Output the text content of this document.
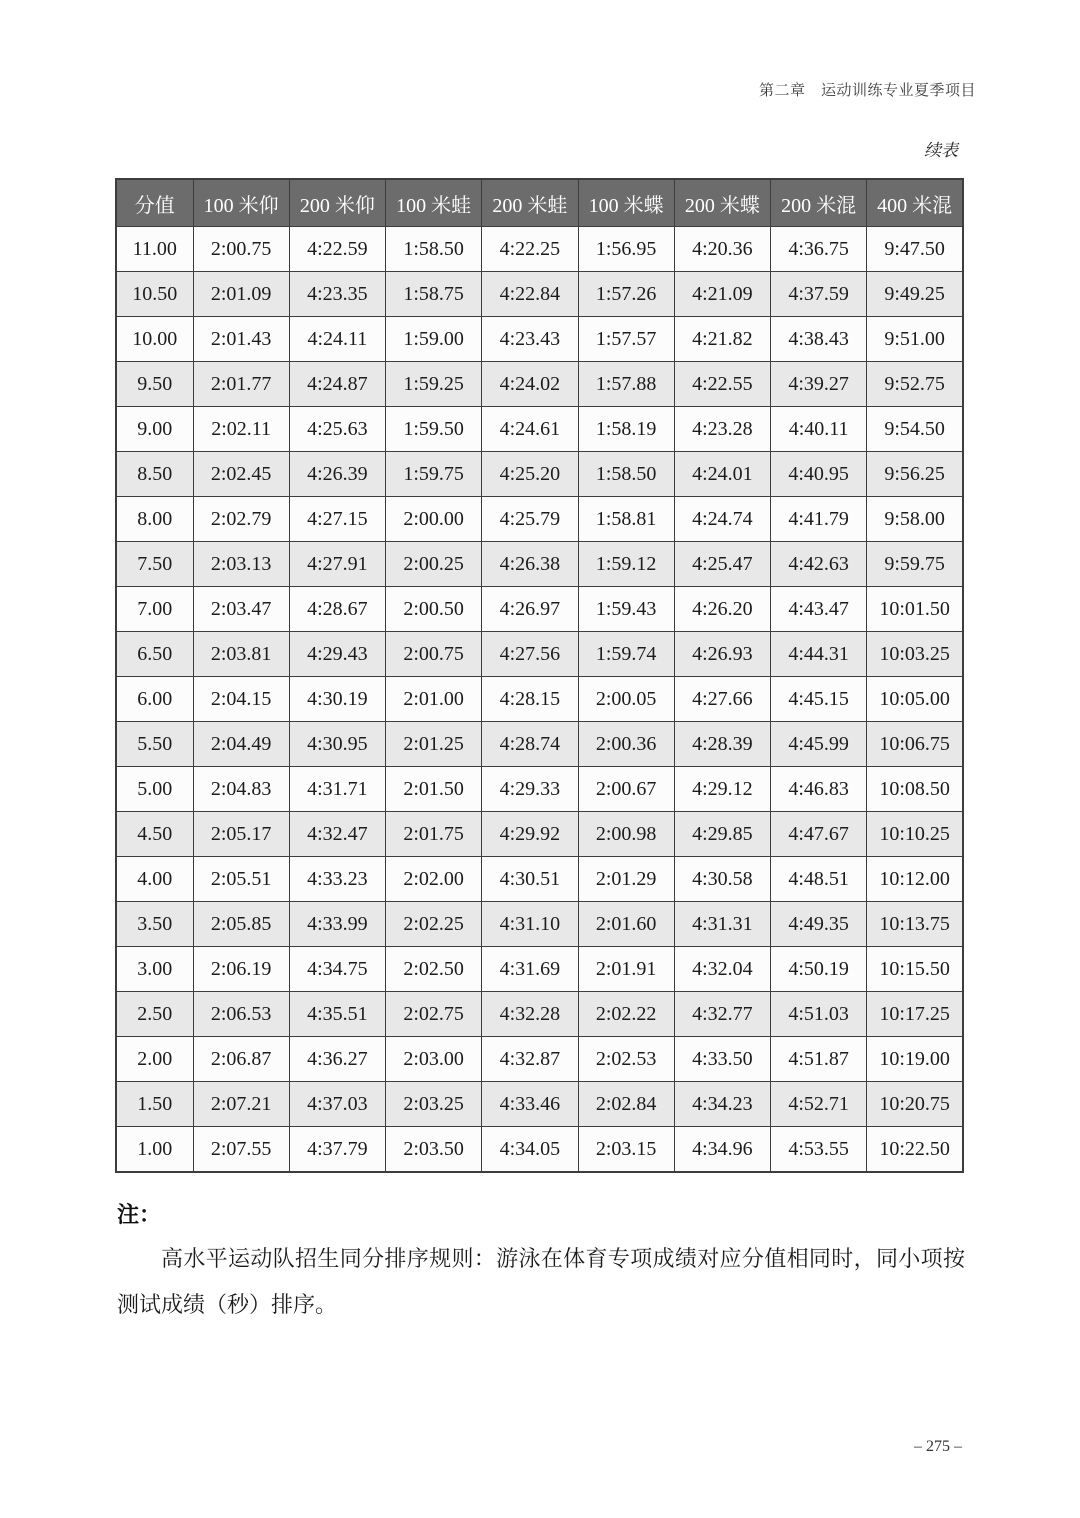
第二章　运动训练专业夏季项目
续表
分值	100 米仰	200 米仰	100 米蛙	200 米蛙	100 米蝶	200 米蝶	200 米混	400 米混
11.00	2:00.75	4:22.59	1:58.50	4:22.25	1:56.95	4:20.36	4:36.75	9:47.50
10.50	2:01.09	4:23.35	1:58.75	4:22.84	1:57.26	4:21.09	4:37.59	9:49.25
10.00	2:01.43	4:24.11	1:59.00	4:23.43	1:57.57	4:21.82	4:38.43	9:51.00
9.50	2:01.77	4:24.87	1:59.25	4:24.02	1:57.88	4:22.55	4:39.27	9:52.75
9.00	2:02.11	4:25.63	1:59.50	4:24.61	1:58.19	4:23.28	4:40.11	9:54.50
8.50	2:02.45	4:26.39	1:59.75	4:25.20	1:58.50	4:24.01	4:40.95	9:56.25
8.00	2:02.79	4:27.15	2:00.00	4:25.79	1:58.81	4:24.74	4:41.79	9:58.00
7.50	2:03.13	4:27.91	2:00.25	4:26.38	1:59.12	4:25.47	4:42.63	9:59.75
7.00	2:03.47	4:28.67	2:00.50	4:26.97	1:59.43	4:26.20	4:43.47	10:01.50
6.50	2:03.81	4:29.43	2:00.75	4:27.56	1:59.74	4:26.93	4:44.31	10:03.25
6.00	2:04.15	4:30.19	2:01.00	4:28.15	2:00.05	4:27.66	4:45.15	10:05.00
5.50	2:04.49	4:30.95	2:01.25	4:28.74	2:00.36	4:28.39	4:45.99	10:06.75
5.00	2:04.83	4:31.71	2:01.50	4:29.33	2:00.67	4:29.12	4:46.83	10:08.50
4.50	2:05.17	4:32.47	2:01.75	4:29.92	2:00.98	4:29.85	4:47.67	10:10.25
4.00	2:05.51	4:33.23	2:02.00	4:30.51	2:01.29	4:30.58	4:48.51	10:12.00
3.50	2:05.85	4:33.99	2:02.25	4:31.10	2:01.60	4:31.31	4:49.35	10:13.75
3.00	2:06.19	4:34.75	2:02.50	4:31.69	2:01.91	4:32.04	4:50.19	10:15.50
2.50	2:06.53	4:35.51	2:02.75	4:32.28	2:02.22	4:32.77	4:51.03	10:17.25
2.00	2:06.87	4:36.27	2:03.00	4:32.87	2:02.53	4:33.50	4:51.87	10:19.00
1.50	2:07.21	4:37.03	2:03.25	4:33.46	2:02.84	4:34.23	4:52.71	10:20.75
1.00	2:07.55	4:37.79	2:03.50	4:34.05	2:03.15	4:34.96	4:53.55	10:22.50
注：
高水平运动队招生同分排序规则：游泳在体育专项成绩对应分值相同时，同小项按测试成绩（秒）排序。
– 275 –
